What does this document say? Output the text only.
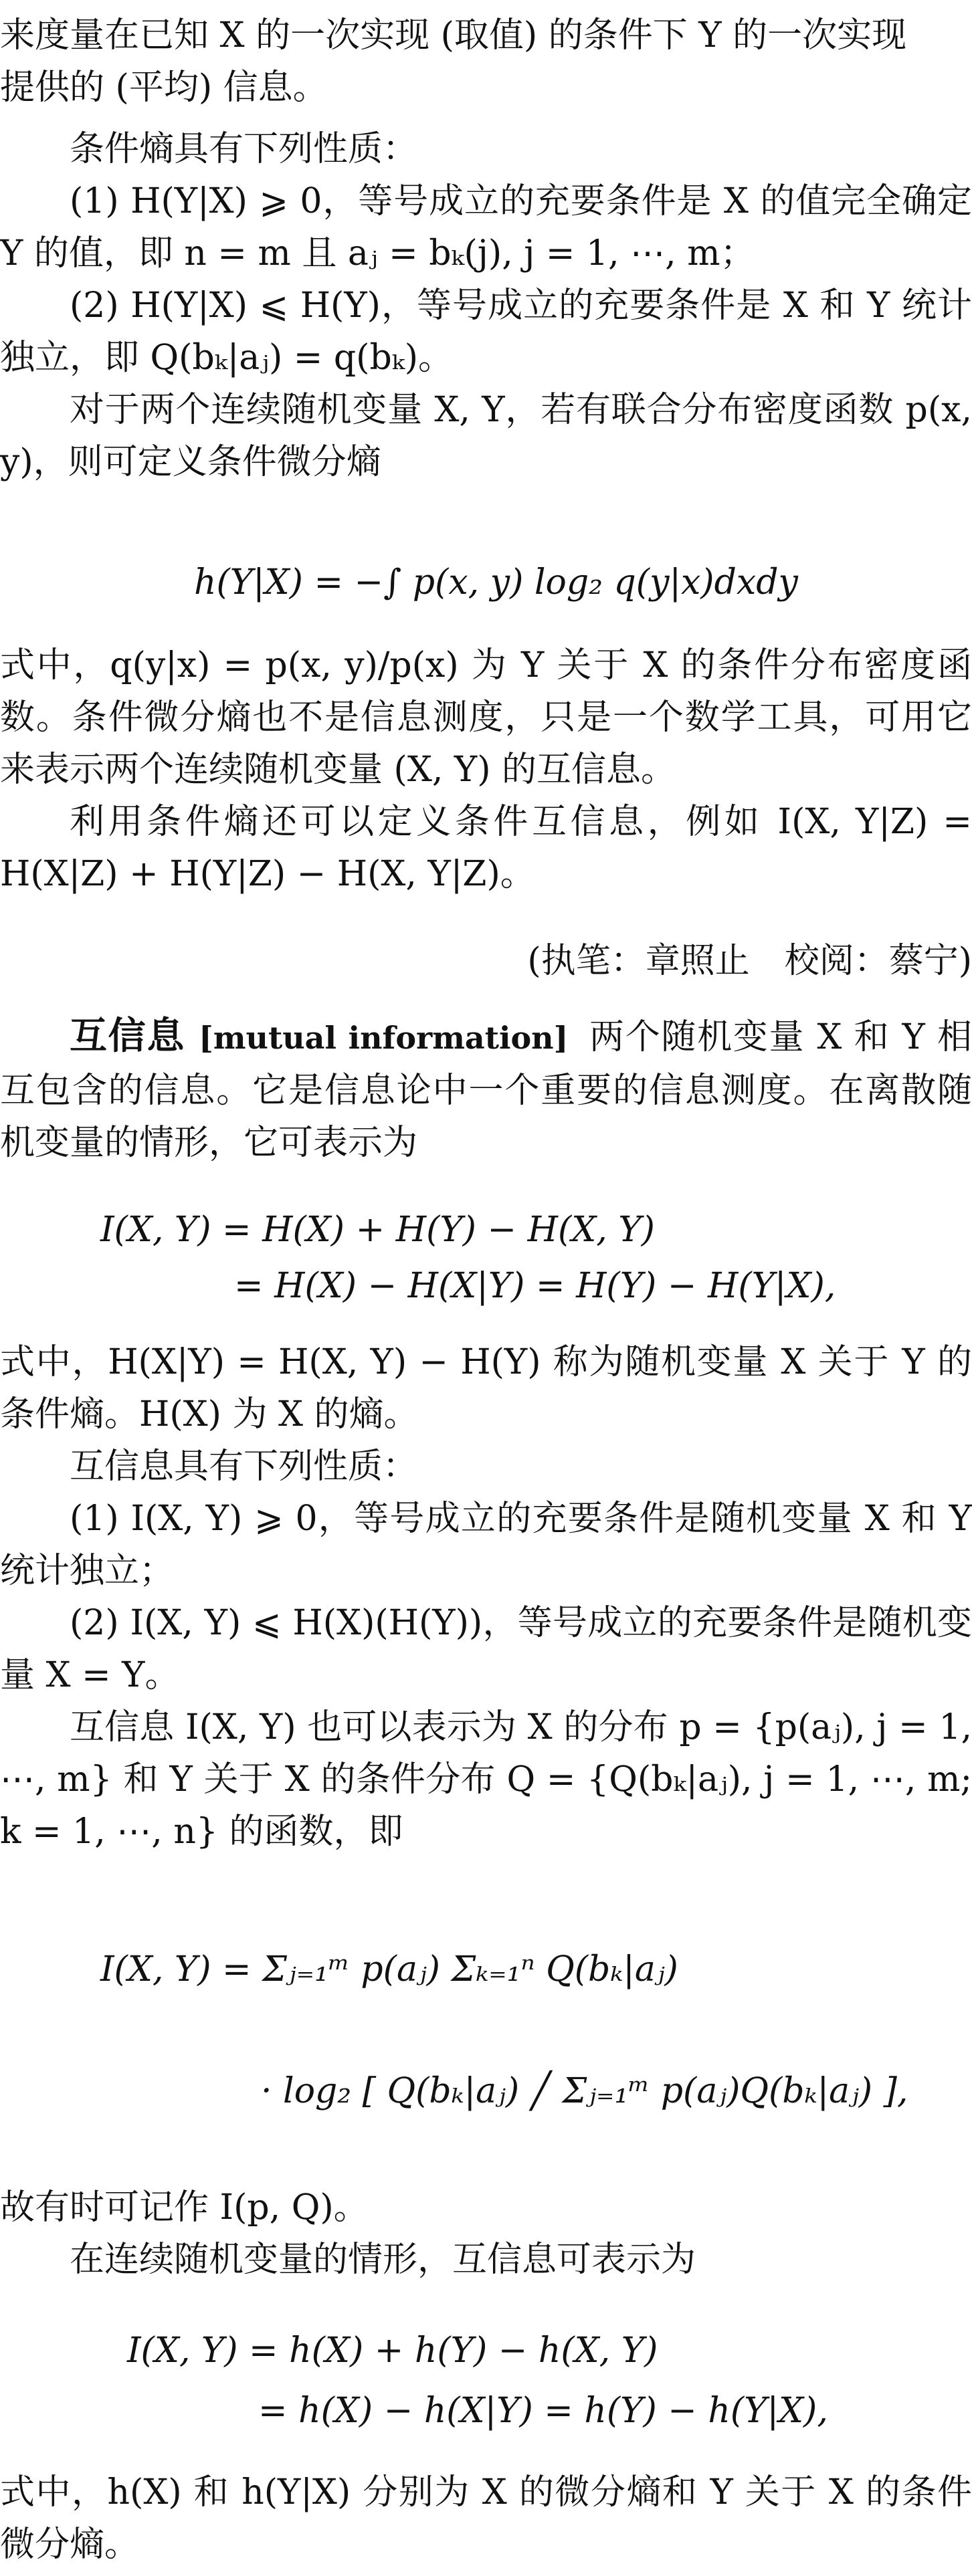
来度量在已知 X 的一次实现 (取值) 的条件下 Y 的一次实现

提供的 (平均) 信息。

条件熵具有下列性质：

(1) H(Y|X) ⩾ 0，等号成立的充要条件是 X 的值完全确定 Y 的值，即 n = m 且 aⱼ = bₖ(j), j = 1, ⋯, m；

(2) H(Y|X) ⩽ H(Y)，等号成立的充要条件是 X 和 Y 统计独立，即 Q(bₖ|aⱼ) = q(bₖ)。

对于两个连续随机变量 X, Y，若有联合分布密度函数 p(x, y)，则可定义条件微分熵

h(Y|X) = −∫ p(x, y) log₂ q(y|x)dxdy

式中，q(y|x) = p(x, y)/p(x) 为 Y 关于 X 的条件分布密度函数。条件微分熵也不是信息测度，只是一个数学工具，可用它来表示两个连续随机变量 (X, Y) 的互信息。

利用条件熵还可以定义条件互信息，例如 I(X, Y|Z) = H(X|Z) + H(Y|Z) − H(X, Y|Z)。

(执笔：章照止　校阅：蔡宁)

互信息 [mutual information] 两个随机变量 X 和 Y 相互包含的信息。它是信息论中一个重要的信息测度。在离散随机变量的情形，它可表示为

I(X, Y) = H(X) + H(Y) − H(X, Y)
= H(X) − H(X|Y) = H(Y) − H(Y|X),

式中，H(X|Y) = H(X, Y) − H(Y) 称为随机变量 X 关于 Y 的条件熵。H(X) 为 X 的熵。

互信息具有下列性质：

(1) I(X, Y) ⩾ 0，等号成立的充要条件是随机变量 X 和 Y 统计独立；

(2) I(X, Y) ⩽ H(X)(H(Y))，等号成立的充要条件是随机变量 X = Y。

互信息 I(X, Y) 也可以表示为 X 的分布 p = {p(aⱼ), j = 1, ⋯, m} 和 Y 关于 X 的条件分布 Q = {Q(bₖ|aⱼ), j = 1, ⋯, m; k = 1, ⋯, n} 的函数，即

I(X, Y) = Σⱼ₌₁ᵐ p(aⱼ) Σₖ₌₁ⁿ Q(bₖ|aⱼ)
· log₂ [ Q(bₖ|aⱼ) ╱ Σⱼ₌₁ᵐ p(aⱼ)Q(bₖ|aⱼ) ],

故有时可记作 I(p, Q)。

在连续随机变量的情形，互信息可表示为

I(X, Y) = h(X) + h(Y) − h(X, Y)
= h(X) − h(X|Y) = h(Y) − h(Y|X),

式中，h(X) 和 h(Y|X) 分别为 X 的微分熵和 Y 关于 X 的条件微分熵。
